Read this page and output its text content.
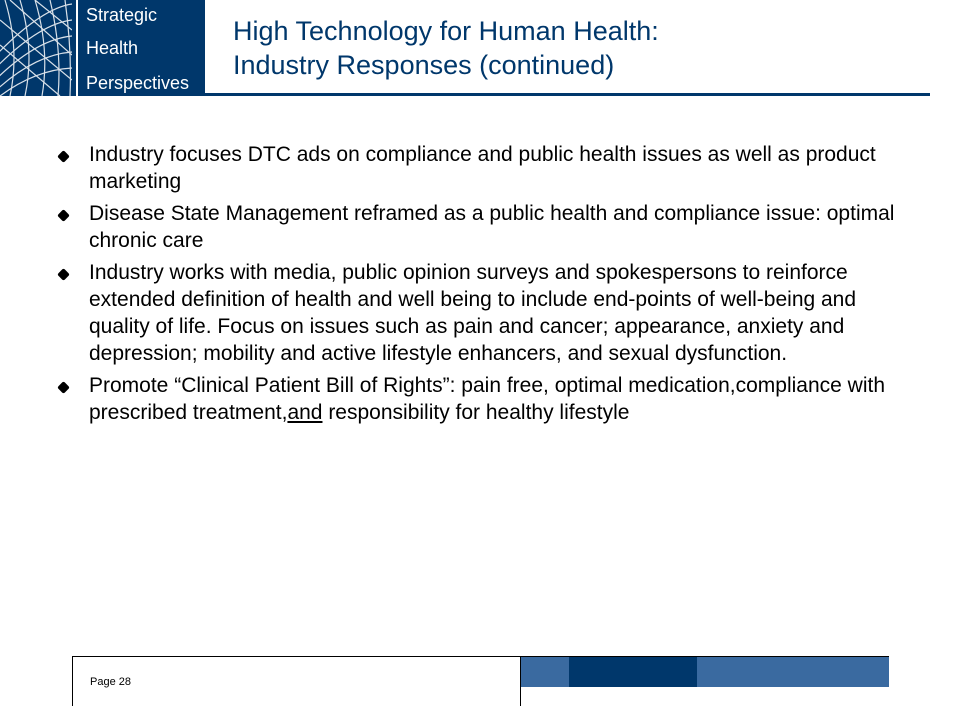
Strategic
Health
Perspectives
High Technology for Human Health:
Industry Responses (continued)
Industry focuses DTC ads on compliance and public health issues as well as product marketing
Disease State Management reframed as a public health and compliance issue: optimal chronic care
Industry works with media, public opinion surveys and spokespersons to reinforce extended definition of health and well being to include end-points of well-being and quality of life. Focus on issues such as pain and cancer; appearance, anxiety and depression; mobility and active lifestyle enhancers, and sexual dysfunction.
Promote “Clinical Patient Bill of Rights”: pain free, optimal medication,compliance with prescribed treatment,and responsibility for healthy lifestyle
Page 28
